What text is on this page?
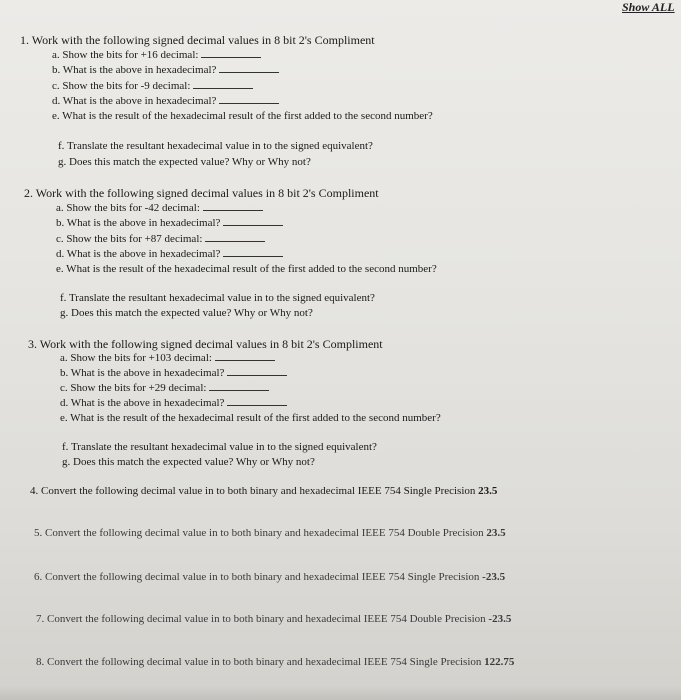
Show ALL
1. Work with the following signed decimal values in 8 bit 2's Compliment
a. Show the bits for +16 decimal:
b. What is the above in hexadecimal?
c. Show the bits for -9 decimal:
d. What is the above in hexadecimal?
e. What is the result of the hexadecimal result of the first added to the second number?
f. Translate the resultant hexadecimal value in to the signed equivalent?
g. Does this match the expected value? Why or Why not?
2. Work with the following signed decimal values in 8 bit 2's Compliment
a. Show the bits for -42 decimal:
b. What is the above in hexadecimal?
c. Show the bits for +87 decimal:
d. What is the above in hexadecimal?
e. What is the result of the hexadecimal result of the first added to the second number?
f. Translate the resultant hexadecimal value in to the signed equivalent?
g. Does this match the expected value? Why or Why not?
3. Work with the following signed decimal values in 8 bit 2's Compliment
a. Show the bits for +103 decimal:
b. What is the above in hexadecimal?
c. Show the bits for +29 decimal:
d. What is the above in hexadecimal?
e. What is the result of the hexadecimal result of the first added to the second number?
f. Translate the resultant hexadecimal value in to the signed equivalent?
g. Does this match the expected value? Why or Why not?
4. Convert the following decimal value in to both binary and hexadecimal IEEE 754 Single Precision 23.5
5. Convert the following decimal value in to both binary and hexadecimal IEEE 754 Double Precision 23.5
6. Convert the following decimal value in to both binary and hexadecimal IEEE 754 Single Precision -23.5
7. Convert the following decimal value in to both binary and hexadecimal IEEE 754 Double Precision -23.5
8. Convert the following decimal value in to both binary and hexadecimal IEEE 754 Single Precision 122.75
